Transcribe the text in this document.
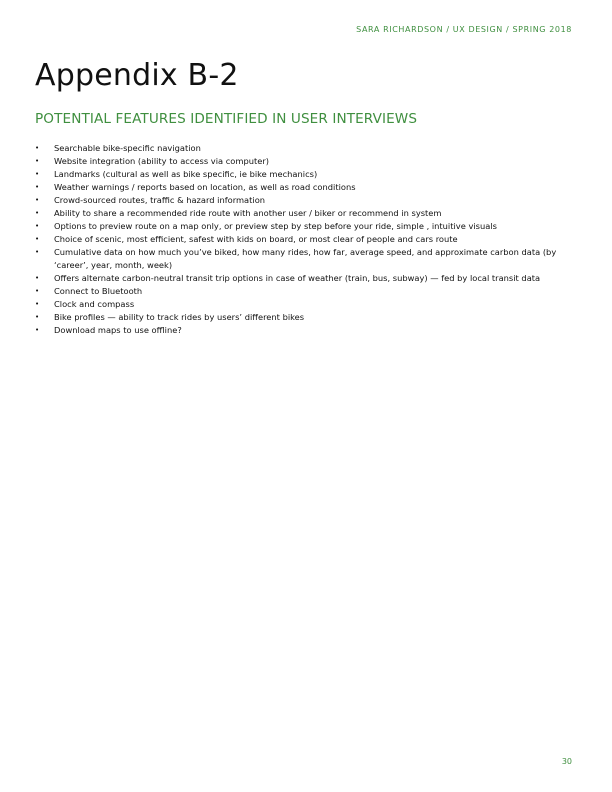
SARA RICHARDSON / UX DESIGN / SPRING 2018
Appendix B-2
POTENTIAL FEATURES IDENTIFIED IN USER INTERVIEWS
• Searchable bike-specific navigation
• Website integration (ability to access via computer)
• Landmarks (cultural as well as bike specific, ie bike mechanics)
• Weather warnings / reports based on location, as well as road conditions
• Crowd-sourced routes, traffic & hazard information
• Ability to share a recommended ride route with another user / biker or recommend in system
• Options to preview route on a map only, or preview step by step before your ride, simple , intuitive visuals
• Choice of scenic, most efficient, safest with kids on board, or most clear of people and cars route
• Cumulative data on how much you’ve biked, how many rides, how far, average speed, and approximate carbon data (by ‘career’, year, month, week)
• Offers alternate carbon-neutral transit trip options in case of weather (train, bus, subway) — fed by local transit data
• Connect to Bluetooth
• Clock and compass
• Bike profiles — ability to track rides by users’ different bikes
• Download maps to use offline?
30
